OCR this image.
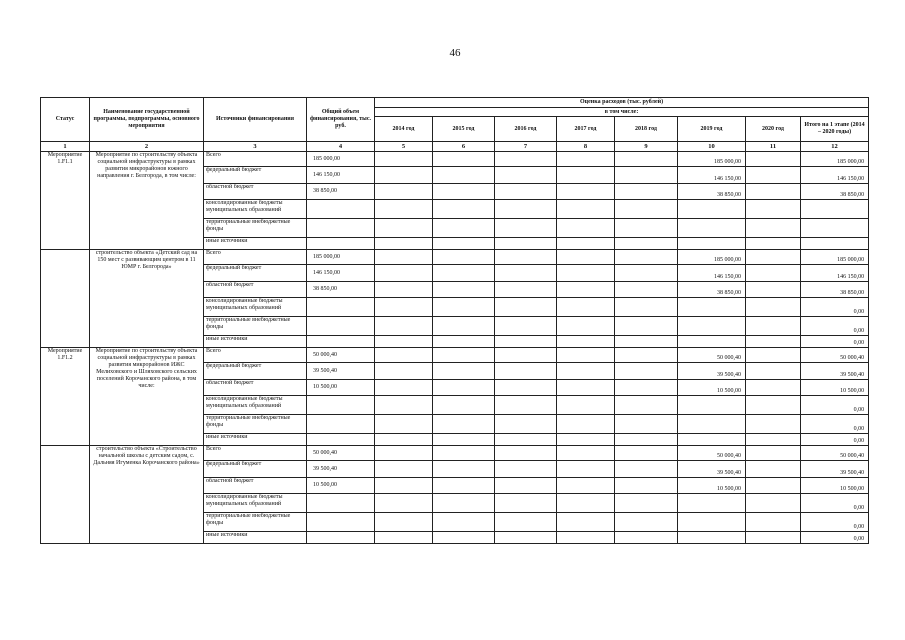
46
Статус	Наименование государственной программы, подпрограммы, основного мероприятия	Источники финансирования	Общий объем финансирования, тыс. руб.	Оценка расходов (тыс. рублей)							
				в том числе:							
				2014 год	2015 год	2016 год	2017 год	2018 год	2019 год	2020 год	Итого на 1 этапе (2014 – 2020 годы)
1	2	3	4	5	6	7	8	9	10	11	12
Мероприятие 1.F1.1	Мероприятие по строительству объекта социальной инфраструктуры в рамках развития микрорайонов южного направления г. Белгорода, в том числе:	Всего	185 000,00						185 000,00		185 000,00
		федеральный бюджет	146 150,00						146 150,00		146 150,00
		областной бюджет	38 850,00						38 850,00		38 850,00
		консолидированные бюджеты муниципальных образований									
		территориальные внебюджетные фонды									
		иные источники									
	строительство объекта «Детский сад на 150 мест с развивающим центром в 11 ЮМР г. Белгорода»	Всего	185 000,00						185 000,00		185 000,00
		федеральный бюджет	146 150,00						146 150,00		146 150,00
		областной бюджет	38 850,00						38 850,00		38 850,00
		консолидированные бюджеты муниципальных образований									0,00
		территориальные внебюджетные фонды									0,00
		иные источники									0,00
Мероприятие 1.F1.2	Мероприятие по строительству объекта социальной инфраструктуры в рамках развития микрорайонов ИЖС Мелиховского и Шляховского сельских поселений Корочанского района, в том числе:	Всего	50 000,40						50 000,40		50 000,40
		федеральный бюджет	39 500,40						39 500,40		39 500,40
		областной бюджет	10 500,00						10 500,00		10 500,00
		консолидированные бюджеты муниципальных образований									0,00
		территориальные внебюджетные фонды									0,00
		иные источники									0,00
	строительство объекта «Строительство начальной школы с детским садом, с. Дальняя Игуменка Корочанского района»	Всего	50 000,40						50 000,40		50 000,40
		федеральный бюджет	39 500,40						39 500,40		39 500,40
		областной бюджет	10 500,00						10 500,00		10 500,00
		консолидированные бюджеты муниципальных образований									0,00
		территориальные внебюджетные фонды									0,00
		иные источники									0,00
